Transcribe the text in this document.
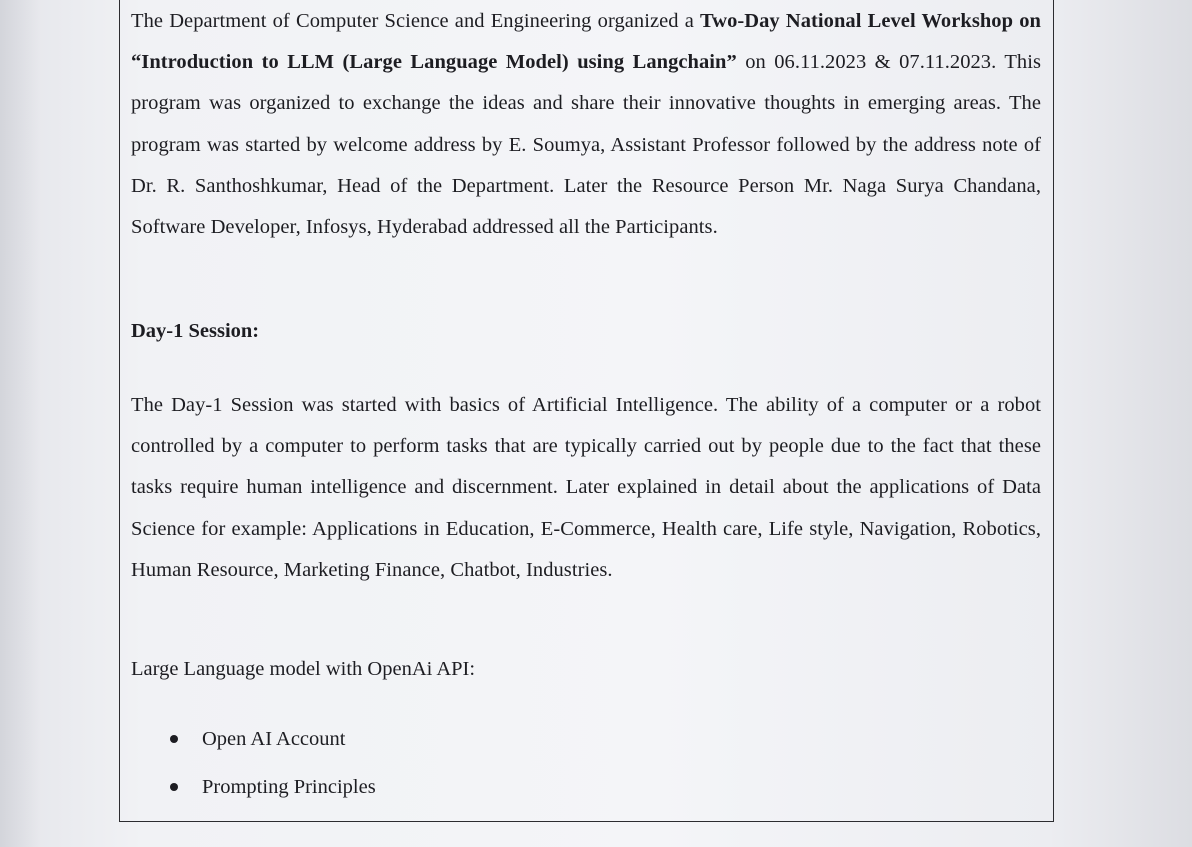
The Department of Computer Science and Engineering organized a Two-Day National Level Workshop on “Introduction to LLM (Large Language Model) using Langchain” on 06.11.2023 & 07.11.2023. This program was organized to exchange the ideas and share their innovative thoughts in emerging areas. The program was started by welcome address by E. Soumya, Assistant Professor followed by the address note of Dr. R. Santhoshkumar, Head of the Department. Later the Resource Person Mr. Naga Surya Chandana, Software Developer, Infosys, Hyderabad addressed all the Participants.

Day-1 Session:

The Day-1 Session was started with basics of Artificial Intelligence. The ability of a computer or a robot controlled by a computer to perform tasks that are typically carried out by people due to the fact that these tasks require human intelligence and discernment. Later explained in detail about the applications of Data Science for example: Applications in Education, E-Commerce, Health care, Life style, Navigation, Robotics, Human Resource, Marketing Finance, Chatbot, Industries.

Large Language model with OpenAi API:

Open AI Account
Prompting Principles
